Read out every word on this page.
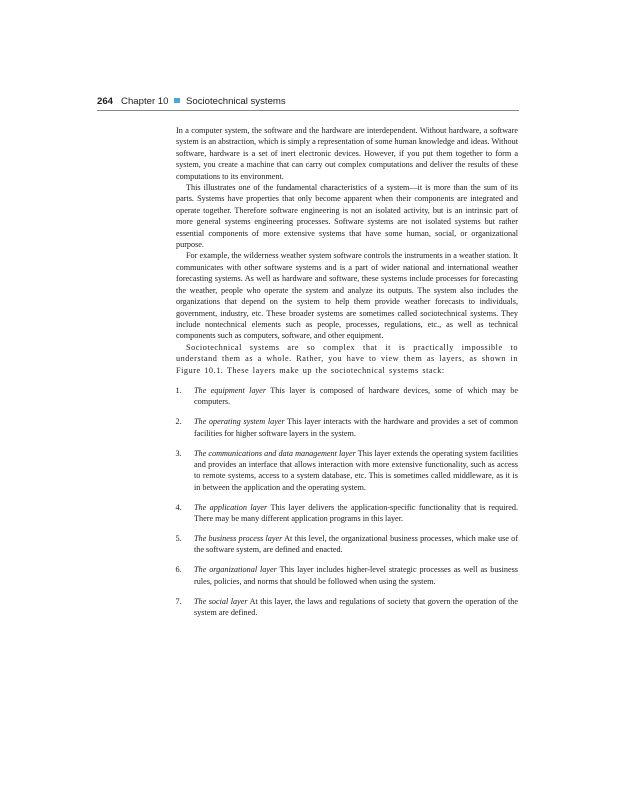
264 Chapter 10 Sociotechnical systems

In a computer system, the software and the hardware are interdependent. Without hardware, a software system is an abstraction, which is simply a representation of some human knowledge and ideas. Without software, hardware is a set of inert electronic devices. However, if you put them together to form a system, you create a machine that can carry out complex computations and deliver the results of these computations to its environment.

This illustrates one of the fundamental characteristics of a system—it is more than the sum of its parts. Systems have properties that only become apparent when their components are integrated and operate together. Therefore software engineering is not an isolated activity, but is an intrinsic part of more general systems engineering processes. Software systems are not isolated systems but rather essential components of more extensive systems that have some human, social, or organizational purpose.

For example, the wilderness weather system software controls the instruments in a weather station. It communicates with other software systems and is a part of wider national and international weather forecasting systems. As well as hardware and software, these systems include processes for forecasting the weather, people who operate the system and analyze its outputs. The system also includes the organizations that depend on the system to help them provide weather forecasts to individuals, government, industry, etc. These broader systems are sometimes called sociotechnical systems. They include nontechnical elements such as people, processes, regulations, etc., as well as technical components such as computers, software, and other equipment.

Sociotechnical systems are so complex that it is practically impossible to understand them as a whole. Rather, you have to view them as layers, as shown in Figure 10.1. These layers make up the sociotechnical systems stack:

1. The equipment layer This layer is composed of hardware devices, some of which may be computers.
2. The operating system layer This layer interacts with the hardware and provides a set of common facilities for higher software layers in the system.
3. The communications and data management layer This layer extends the operating system facilities and provides an interface that allows interaction with more extensive functionality, such as access to remote systems, access to a system database, etc. This is sometimes called middleware, as it is in between the application and the operating system.
4. The application layer This layer delivers the application-specific functionality that is required. There may be many different application programs in this layer.
5. The business process layer At this level, the organizational business processes, which make use of the software system, are defined and enacted.
6. The organizational layer This layer includes higher-level strategic processes as well as business rules, policies, and norms that should be followed when using the system.
7. The social layer At this layer, the laws and regulations of society that govern the operation of the system are defined.
